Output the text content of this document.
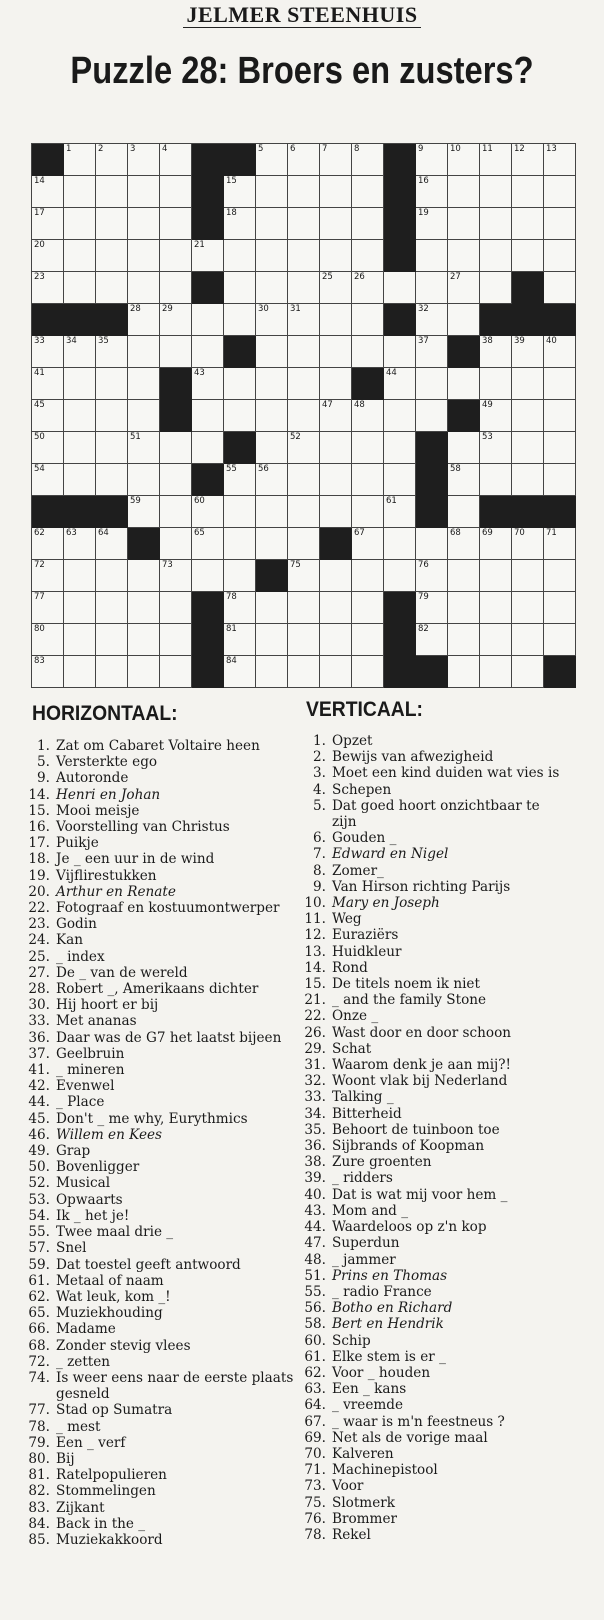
JELMER STEENHUIS
Puzzle 28: Broers en zusters?
1	2	3	4	5	6	7	8	9	10 11 12 13
14	15	16
17	18	19
20	21
23	25 26	27
28 29	30 31	32
33 34 35	37	38 39 40
41	43	44
45	47 48	49
50	51	52	53
54	55 56	58
59	60	61
62 63 64	65	67	68 69 70 71
72	73	75	76
77	78	79
80	81	82
83	84
HORIZONTAAL:	VERTICAAL:
1. Zat om Cabaret Voltaire heen
5. Versterkte ego
9. Autoronde
14. Henri en Johan
15. Mooi meisje
16. Voorstelling van Christus
17. Puikje
18. Je _ een uur in de wind
19. Vijflirestukken
20. Arthur en Renate
22. Fotograaf en kostuumontwerper
23. Godin
24. Kan
25. _ index
27. De _ van de wereld
28. Robert _, Amerikaans dichter
30. Hij hoort er bij
33. Met ananas
36. Daar was de G7 het laatst bijeen
37. Geelbruin
41. _ mineren
42. Evenwel
44. _ Place
45. Don't _ me why, Eurythmics
46. Willem en Kees
49. Grap
50. Bovenligger
52. Musical
53. Opwaarts
54. Ik _ het je!
55. Twee maal drie _
57. Snel
59. Dat toestel geeft antwoord
61. Metaal of naam
62. Wat leuk, kom _!
65. Muziekhouding
66. Madame
68. Zonder stevig vlees
72. _ zetten
74. Is weer eens naar de eerste plaats
gesneld
77. Stad op Sumatra
78. _ mest
79. Een _ verf
80. Bij
81. Ratelpopulieren
82. Stommelingen
83. Zijkant
84. Back in the _
85. Muziekakkoord
1. Opzet
2. Bewijs van afwezigheid
3. Moet een kind duiden wat vies is
4. Schepen
5. Dat goed hoort onzichtbaar te
zijn
6. Gouden _
7. Edward en Nigel
8. Zomer_
9. Van Hirson richting Parijs
10. Mary en Joseph
11. Weg
12. Euraziërs
13. Huidkleur
14. Rond
15. De titels noem ik niet
21. _ and the family Stone
22. Onze _
26. Wast door en door schoon
29. Schat
31. Waarom denk je aan mij?!
32. Woont vlak bij Nederland
33. Talking _
34. Bitterheid
35. Behoort de tuinboon toe
36. Sijbrands of Koopman
38. Zure groenten
39. _ ridders
40. Dat is wat mij voor hem _
43. Mom and _
44. Waardeloos op z'n kop
47. Superdun
48. _ jammer
51. Prins en Thomas
55. _ radio France
56. Botho en Richard
58. Bert en Hendrik
60. Schip
61. Elke stem is er _
62. Voor _ houden
63. Een _ kans
64. _ vreemde
67. _ waar is m'n feestneus ?
69. Net als de vorige maal
70. Kalveren
71. Machinepistool
73. Voor
75. Slotmerk
76. Brommer
78. Rekel
